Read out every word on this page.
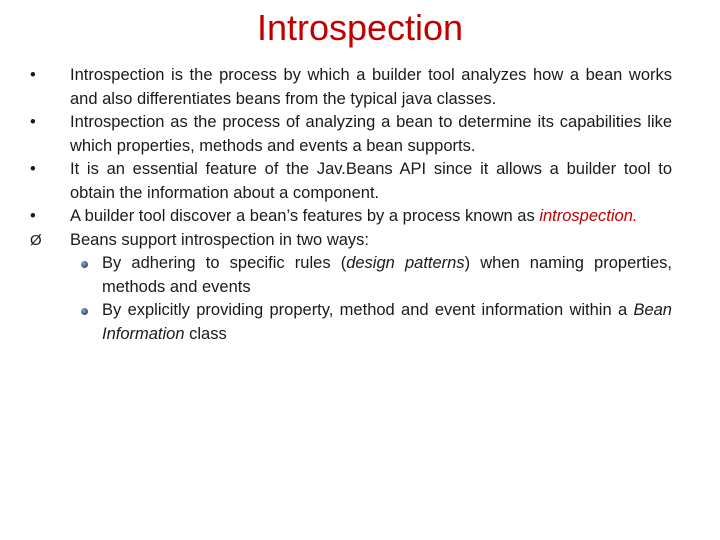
Introspection
•	Introspection is the process by which a builder tool analyzes how a bean works and also differentiates beans from the typical java classes.
•	Introspection as the process of analyzing a bean to determine its capabilities like which properties, methods and events a bean supports.
•	It is an essential feature of the Jav.Beans API since it allows a builder tool to obtain the information about a component.
•	A builder tool discover a bean’s features by a process known as introspection.
Ø	Beans support introspection in two ways:
By adhering to specific rules (design patterns) when naming properties, methods and events
By explicitly providing property, method and event information within a Bean Information class
